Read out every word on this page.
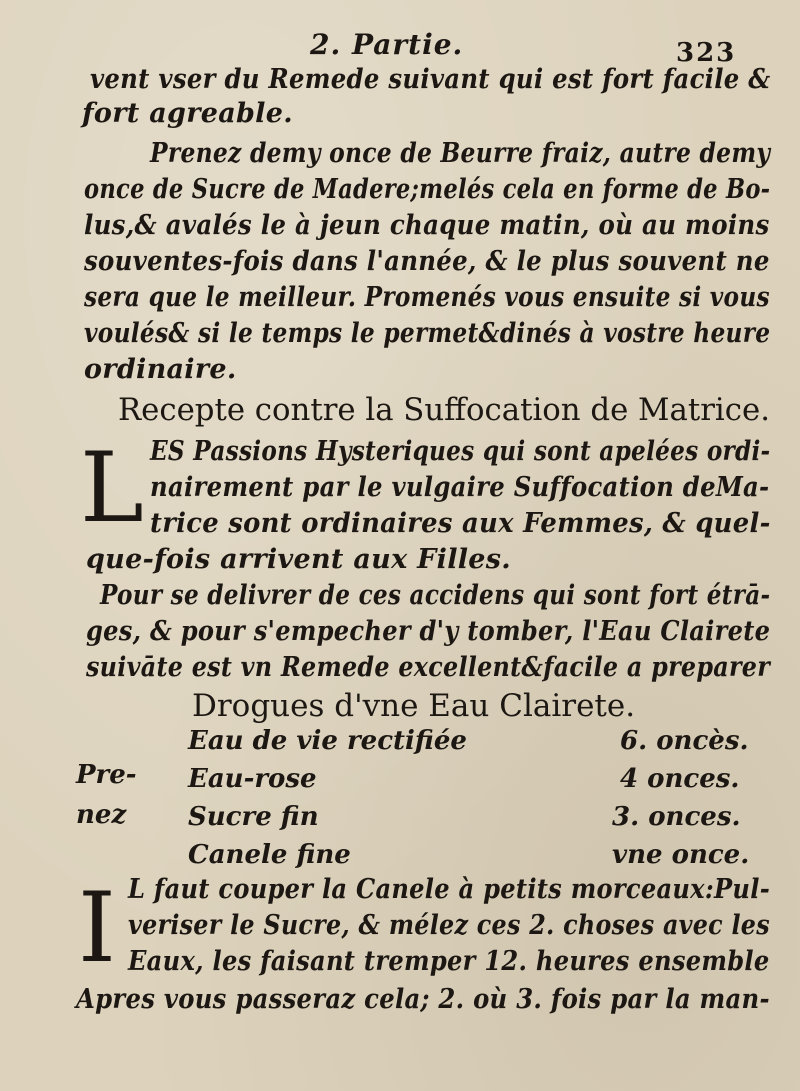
2. Partie.	323
vent vser du Remede suivant qui est fort facile &
fort agreable.
Prenez demy once de Beurre fraiz, autre demy
once de Sucre de Madere;melés cela en forme de Bo-
lus,& avalés le à jeun chaque matin, où au moins
souventes-fois dans l'année, & le plus souvent ne
sera que le meilleur. Promenés vous ensuite si vous
voulés& si le temps le permet&dinés à vostre heure
ordinaire.
Recepte contre la Suffocation de Matrice.
L ES Passions Hysteriques qui sont apelées ordi-
nairement par le vulgaire Suffocation deMa-
trice sont ordinaires aux Femmes, & quel-
que-fois arrivent aux Filles.
Pour se delivrer de ces accidens qui sont fort étrā-
ges, & pour s'empecher d'y tomber, l'Eau Clairete
suivāte est vn Remede excellent&facile a preparer
Drogues d'vne Eau Clairete.
Pre-
nez
Eau de vie rectifiée	6. oncès.
Eau-rose	4 onces.
Sucre fin	3. onces.
Canele fine	vne once.
I L faut couper la Canele à petits morceaux:Pul-
veriser le Sucre, & mélez ces 2. choses avec les
Eaux, les faisant tremper 12. heures ensemble
Apres vous passeraz cela; 2. où 3. fois par la man-
